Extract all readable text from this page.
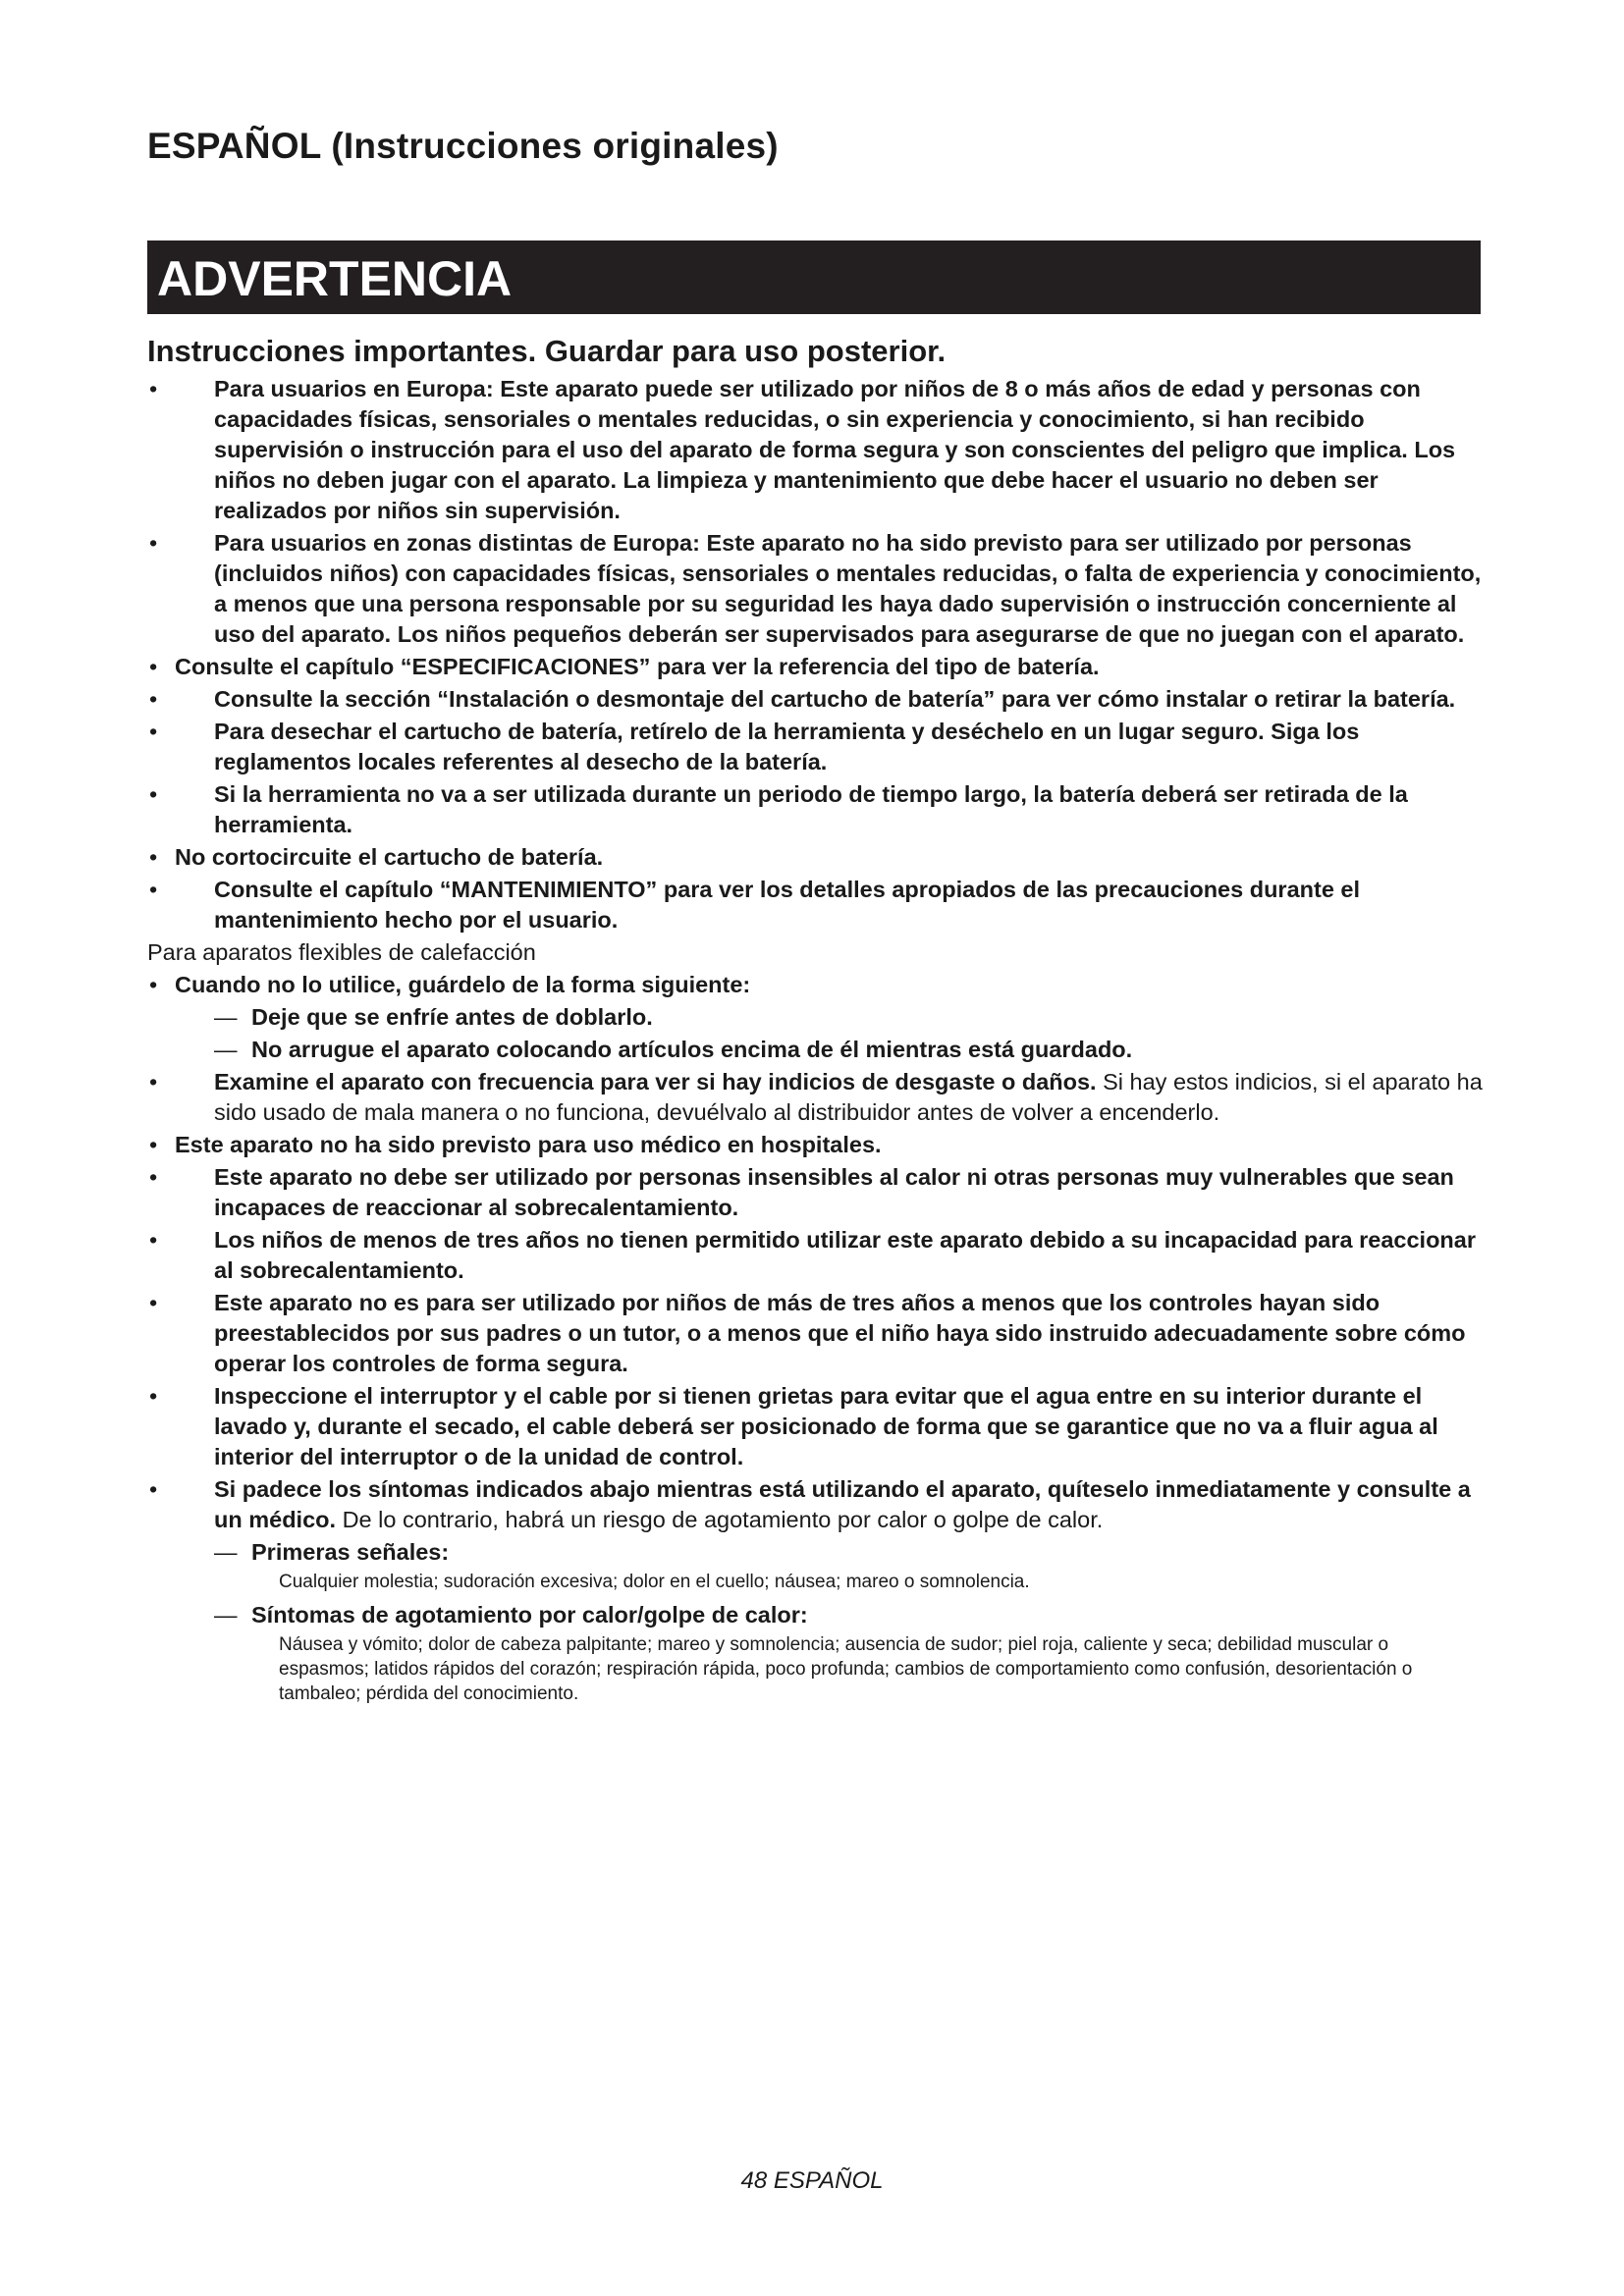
ESPAÑOL (Instrucciones originales)
ADVERTENCIA
Instrucciones importantes. Guardar para uso posterior.
• Para usuarios en Europa: Este aparato puede ser utilizado por niños de 8 o más años de edad y personas con capacidades físicas, sensoriales o mentales reducidas, o sin experiencia y conocimiento, si han recibido supervisión o instrucción para el uso del aparato de forma segura y son conscientes del peligro que implica. Los niños no deben jugar con el aparato. La limpieza y mantenimiento que debe hacer el usuario no deben ser realizados por niños sin supervisión.
• Para usuarios en zonas distintas de Europa: Este aparato no ha sido previsto para ser utilizado por personas (incluidos niños) con capacidades físicas, sensoriales o mentales reducidas, o falta de experiencia y conocimiento, a menos que una persona responsable por su seguridad les haya dado supervisión o instrucción concerniente al uso del aparato. Los niños pequeños deberán ser supervisados para asegurarse de que no juegan con el aparato.
• Consulte el capítulo “ESPECIFICACIONES” para ver la referencia del tipo de batería.
• Consulte la sección “Instalación o desmontaje del cartucho de batería” para ver cómo instalar o retirar la batería.
• Para desechar el cartucho de batería, retírelo de la herramienta y deséchelo en un lugar seguro. Siga los reglamentos locales referentes al desecho de la batería.
• Si la herramienta no va a ser utilizada durante un periodo de tiempo largo, la batería deberá ser retirada de la herramienta.
• No cortocircuite el cartucho de batería.
• Consulte el capítulo “MANTENIMIENTO” para ver los detalles apropiados de las precauciones durante el mantenimiento hecho por el usuario.
Para aparatos flexibles de calefacción
• Cuando no lo utilice, guárdelo de la forma siguiente:
— Deje que se enfríe antes de doblarlo.
— No arrugue el aparato colocando artículos encima de él mientras está guardado.
• Examine el aparato con frecuencia para ver si hay indicios de desgaste o daños. Si hay estos indicios, si el aparato ha sido usado de mala manera o no funciona, devuélvalo al distribuidor antes de volver a encenderlo.
• Este aparato no ha sido previsto para uso médico en hospitales.
• Este aparato no debe ser utilizado por personas insensibles al calor ni otras personas muy vulnerables que sean incapaces de reaccionar al sobrecalentamiento.
• Los niños de menos de tres años no tienen permitido utilizar este aparato debido a su incapacidad para reaccionar al sobrecalentamiento.
• Este aparato no es para ser utilizado por niños de más de tres años a menos que los controles hayan sido preestablecidos por sus padres o un tutor, o a menos que el niño haya sido instruido adecuadamente sobre cómo operar los controles de forma segura.
• Inspeccione el interruptor y el cable por si tienen grietas para evitar que el agua entre en su interior durante el lavado y, durante el secado, el cable deberá ser posicionado de forma que se garantice que no va a fluir agua al interior del interruptor o de la unidad de control.
• Si padece los síntomas indicados abajo mientras está utilizando el aparato, quíteselo inmediatamente y consulte a un médico. De lo contrario, habrá un riesgo de agotamiento por calor o golpe de calor.
— Primeras señales:
Cualquier molestia; sudoración excesiva; dolor en el cuello; náusea; mareo o somnolencia.
— Síntomas de agotamiento por calor/golpe de calor:
Náusea y vómito; dolor de cabeza palpitante; mareo y somnolencia; ausencia de sudor; piel roja, caliente y seca; debilidad muscular o espasmos; latidos rápidos del corazón; respiración rápida, poco profunda; cambios de comportamiento como confusión, desorientación o tambaleo; pérdida del conocimiento.
48 ESPAÑOL
